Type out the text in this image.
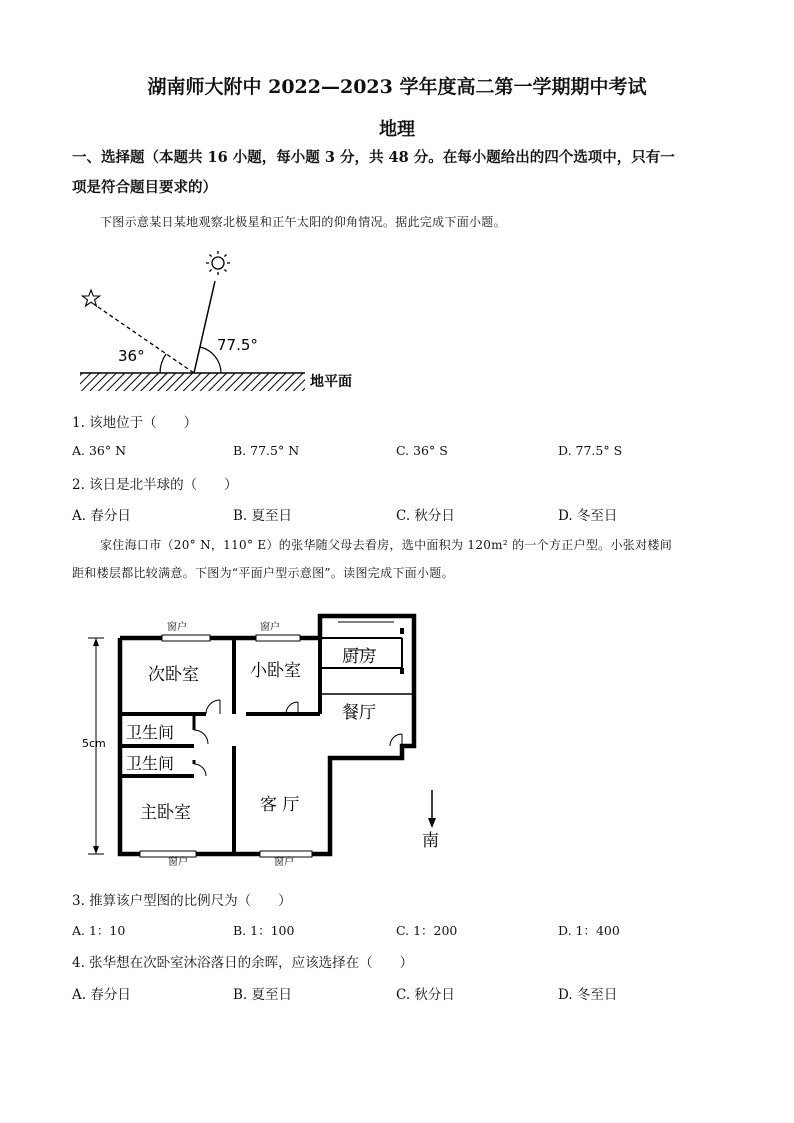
湖南师大附中 2022—2023 学年度高二第一学期期中考试
地理
一、选择题（本题共 16 小题，每小题 3 分，共 48 分。在每小题给出的四个选项中，只有一
项是符合题目要求的）
下图示意某日某地观察北极星和正午太阳的仰角情况。据此完成下面小题。
36°
77.5°
地平面
1. 该地位于（　　）
A. 36° N	B. 77.5° N	C. 36° S	D. 77.5° S
2. 该日是北半球的（　　）
A. 春分日	B. 夏至日	C. 秋分日	D. 冬至日
家住海口市（20° N，110° E）的张华随父母去看房，选中面积为 120m² 的一个方正户型。小张对楼间
距和楼层都比较满意。下图为“平面户型示意图”。读图完成下面小题。
5cm
窗户	窗户
窗户	窗户
次卧室	小卧室
厨房
餐厅
卫生间
卫生间
主卧室	客 厅
南
3. 推算该户型图的比例尺为（　　）
A. 1：10	B. 1：100	C. 1：200	D. 1：400
4. 张华想在次卧室沐浴落日的余晖，应该选择在（　　）
A. 春分日	B. 夏至日	C. 秋分日	D. 冬至日
